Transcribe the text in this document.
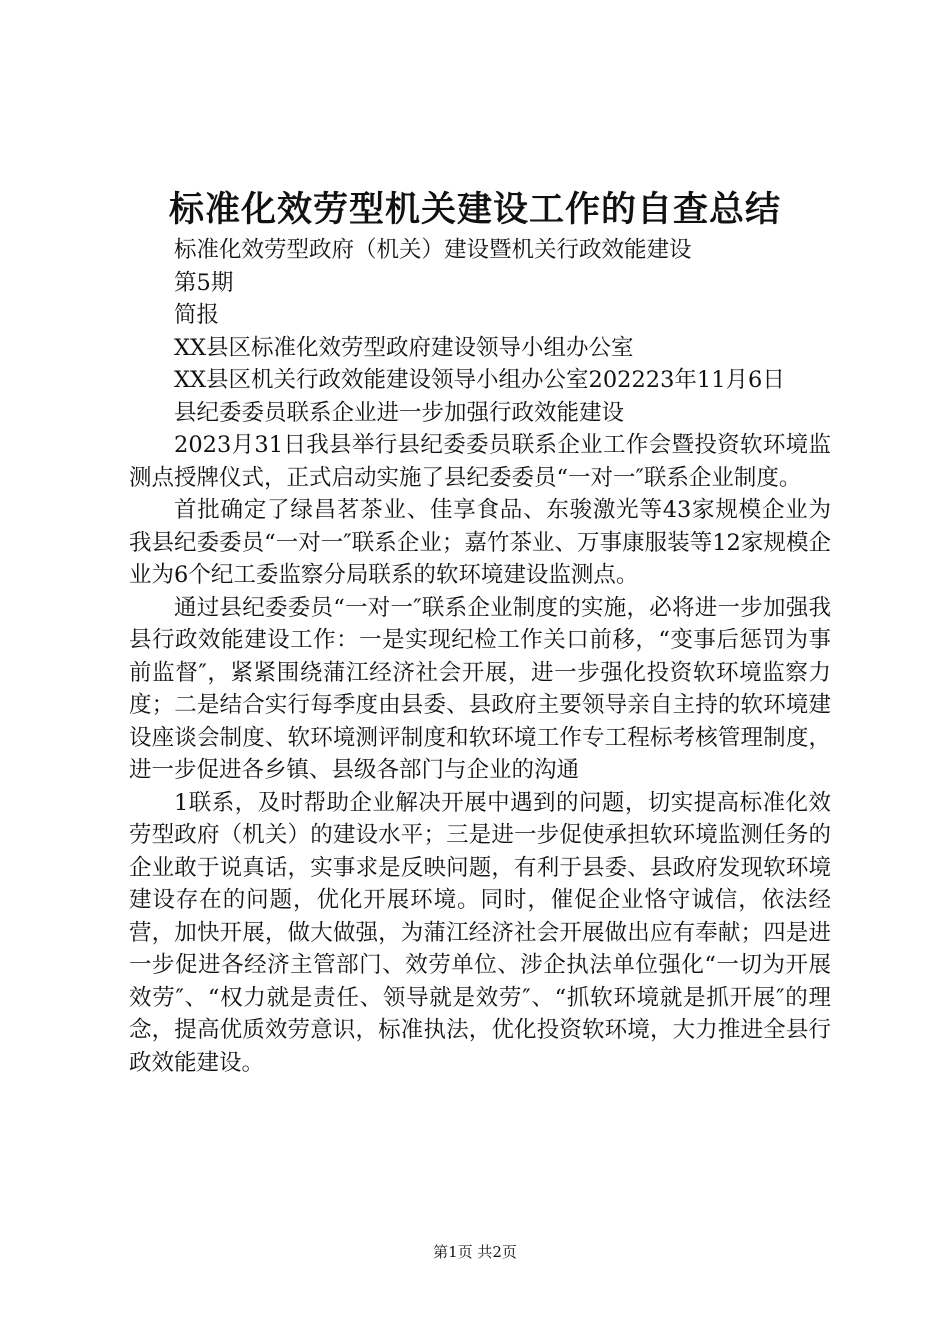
标准化效劳型机关建设工作的自查总结

标准化效劳型政府（机关）建设暨机关行政效能建设

第5期

简报

XX县区标准化效劳型政府建设领导小组办公室

XX县区机关行政效能建设领导小组办公室202223年11月6日

县纪委委员联系企业进一步加强行政效能建设

2023月31日我县举行县纪委委员联系企业工作会暨投资软环境监测点授牌仪式，正式启动实施了县纪委委员“一对一″联系企业制度。

首批确定了绿昌茗茶业、佳享食品、东骏激光等43家规模企业为我县纪委委员“一对一″联系企业；嘉竹茶业、万事康服装等12家规模企业为6个纪工委监察分局联系的软环境建设监测点。

通过县纪委委员“一对一″联系企业制度的实施，必将进一步加强我县行政效能建设工作：一是实现纪检工作关口前移，“变事后惩罚为事前监督″，紧紧围绕蒲江经济社会开展，进一步强化投资软环境监察力度；二是结合实行每季度由县委、县政府主要领导亲自主持的软环境建设座谈会制度、软环境测评制度和软环境工作专工程标考核管理制度，进一步促进各乡镇、县级各部门与企业的沟通

1联系，及时帮助企业解决开展中遇到的问题，切实提高标准化效劳型政府（机关）的建设水平；三是进一步促使承担软环境监测任务的企业敢于说真话，实事求是反映问题，有利于县委、县政府发现软环境建设存在的问题，优化开展环境。同时，催促企业恪守诚信，依法经营，加快开展，做大做强，为蒲江经济社会开展做出应有奉献；四是进一步促进各经济主管部门、效劳单位、涉企执法单位强化“一切为开展效劳″、“权力就是责任、领导就是效劳″、“抓软环境就是抓开展″的理念，提高优质效劳意识，标准执法，优化投资软环境，大力推进全县行政效能建设。

第1页 共2页
